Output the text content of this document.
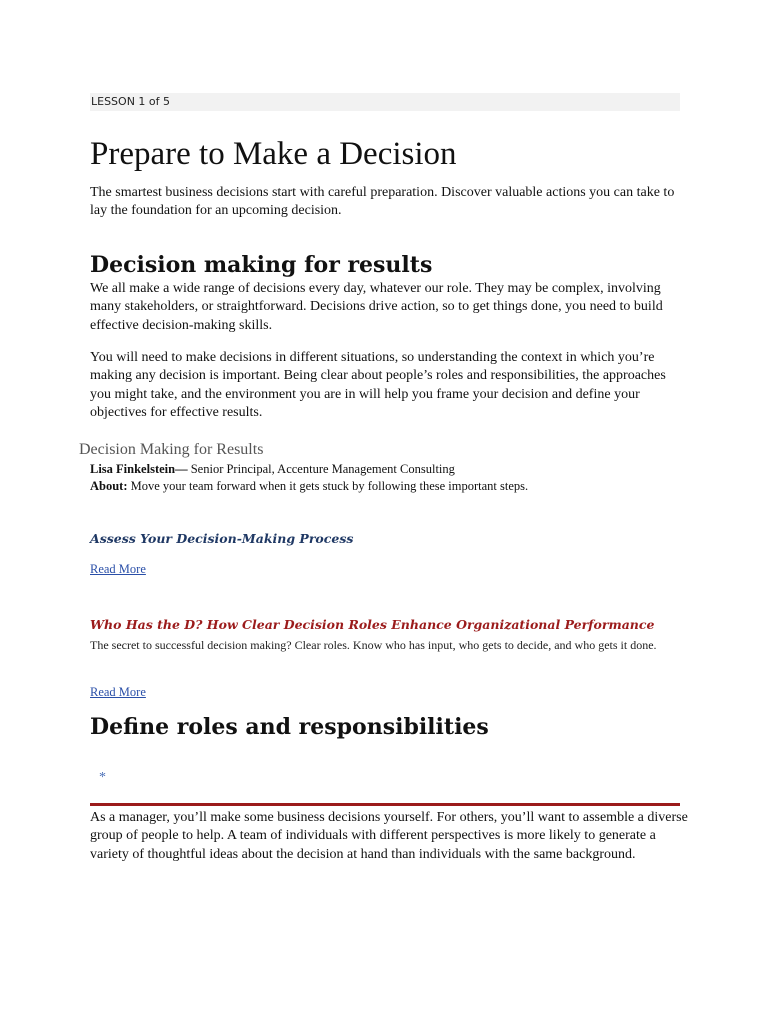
LESSON 1 of 5
Prepare to Make a Decision

The smartest business decisions start with careful preparation. Discover valuable actions you can take to lay the foundation for an upcoming decision.

Decision making for results

We all make a wide range of decisions every day, whatever our role. They may be complex, involving many stakeholders, or straightforward. Decisions drive action, so to get things done, you need to build effective decision-making skills.

You will need to make decisions in different situations, so understanding the context in which you’re making any decision is important. Being clear about people’s roles and responsibilities, the approaches you might take, and the environment you are in will help you frame your decision and define your objectives for effective results.

Decision Making for Results
Lisa Finkelstein— Senior Principal, Accenture Management Consulting
About: Move your team forward when it gets stuck by following these important steps.
Assess Your Decision-Making Process
Read More
Who Has the D? How Clear Decision Roles Enhance Organizational Performance

The secret to successful decision making? Clear roles. Know who has input, who gets to decide, and who gets it done.

Read More
Define roles and responsibilities
*

As a manager, you’ll make some business decisions yourself. For others, you’ll want to assemble a diverse group of people to help. A team of individuals with different perspectives is more likely to generate a variety of thoughtful ideas about the decision at hand than individuals with the same background.
